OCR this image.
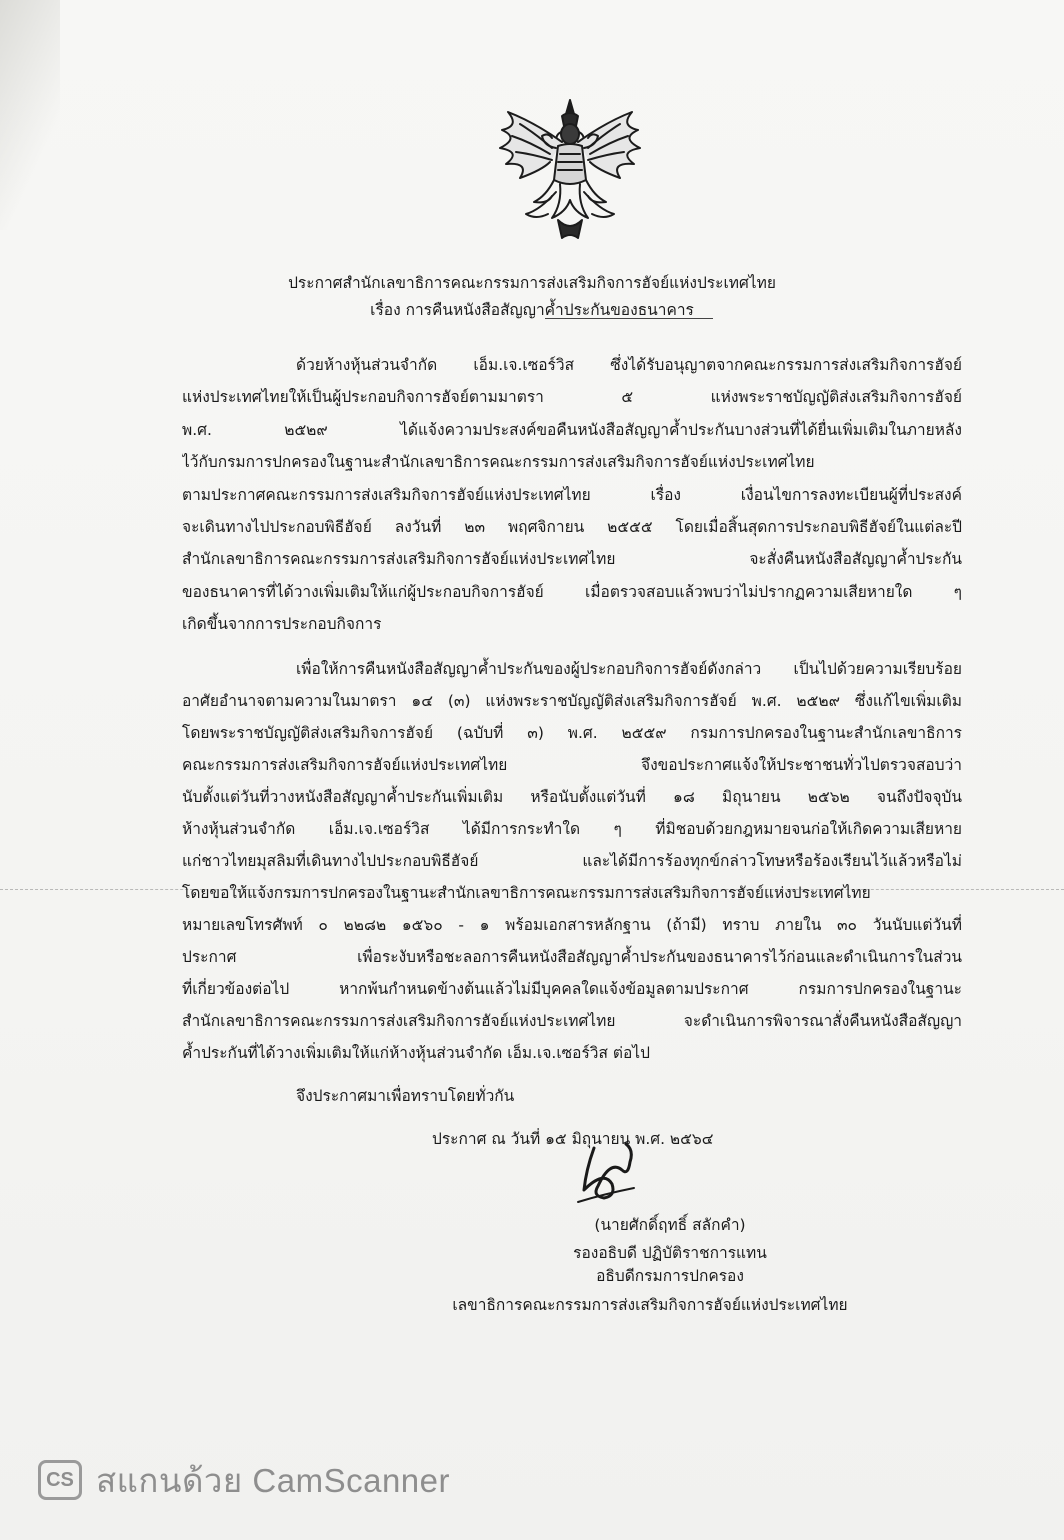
ประกาศสำนักเลขาธิการคณะกรรมการส่งเสริมกิจการฮัจย์แห่งประเทศไทย
เรื่อง การคืนหนังสือสัญญาค้ำประกันของธนาคาร
ด้วยห้างหุ้นส่วนจำกัด เอ็ม.เจ.เซอร์วิส ซึ่งได้รับอนุญาตจากคณะกรรมการส่งเสริมกิจการฮัจย์
แห่งประเทศไทยให้เป็นผู้ประกอบกิจการฮัจย์ตามมาตรา ๕ แห่งพระราชบัญญัติส่งเสริมกิจการฮัจย์
พ.ศ. ๒๕๒๙ ได้แจ้งความประสงค์ขอคืนหนังสือสัญญาค้ำประกันบางส่วนที่ได้ยื่นเพิ่มเติมในภายหลัง
ไว้กับกรมการปกครองในฐานะสำนักเลขาธิการคณะกรรมการส่งเสริมกิจการฮัจย์แห่งประเทศไทย
ตามประกาศคณะกรรมการส่งเสริมกิจการฮัจย์แห่งประเทศไทย เรื่อง เงื่อนไขการลงทะเบียนผู้ที่ประสงค์
จะเดินทางไปประกอบพิธีฮัจย์ ลงวันที่ ๒๓ พฤศจิกายน ๒๕๕๕ โดยเมื่อสิ้นสุดการประกอบพิธีฮัจย์ในแต่ละปี
สำนักเลขาธิการคณะกรรมการส่งเสริมกิจการฮัจย์แห่งประเทศไทย จะสั่งคืนหนังสือสัญญาค้ำประกัน
ของธนาคารที่ได้วางเพิ่มเติมให้แก่ผู้ประกอบกิจการฮัจย์ เมื่อตรวจสอบแล้วพบว่าไม่ปรากฏความเสียหายใด ๆ
เกิดขึ้นจากการประกอบกิจการ
เพื่อให้การคืนหนังสือสัญญาค้ำประกันของผู้ประกอบกิจการฮัจย์ดังกล่าว เป็นไปด้วยความเรียบร้อย
อาศัยอำนาจตามความในมาตรา ๑๔ (๓) แห่งพระราชบัญญัติส่งเสริมกิจการฮัจย์ พ.ศ. ๒๕๒๙ ซึ่งแก้ไขเพิ่มเติม
โดยพระราชบัญญัติส่งเสริมกิจการฮัจย์ (ฉบับที่ ๓) พ.ศ. ๒๕๕๙ กรมการปกครองในฐานะสำนักเลขาธิการ
คณะกรรมการส่งเสริมกิจการฮัจย์แห่งประเทศไทย จึงขอประกาศแจ้งให้ประชาชนทั่วไปตรวจสอบว่า
นับตั้งแต่วันที่วางหนังสือสัญญาค้ำประกันเพิ่มเติม หรือนับตั้งแต่วันที่ ๑๘ มิถุนายน ๒๕๖๒ จนถึงปัจจุบัน
ห้างหุ้นส่วนจำกัด เอ็ม.เจ.เซอร์วิส ได้มีการกระทำใด ๆ ที่มิชอบด้วยกฎหมายจนก่อให้เกิดความเสียหาย
แก่ชาวไทยมุสลิมที่เดินทางไปประกอบพิธีฮัจย์ และได้มีการร้องทุกข์กล่าวโทษหรือร้องเรียนไว้แล้วหรือไม่
โดยขอให้แจ้งกรมการปกครองในฐานะสำนักเลขาธิการคณะกรรมการส่งเสริมกิจการฮัจย์แห่งประเทศไทย
หมายเลขโทรศัพท์ ๐ ๒๒๘๒ ๑๕๖๐ - ๑ พร้อมเอกสารหลักฐาน (ถ้ามี) ทราบ ภายใน ๓๐ วันนับแต่วันที่
ประกาศ เพื่อระงับหรือชะลอการคืนหนังสือสัญญาค้ำประกันของธนาคารไว้ก่อนและดำเนินการในส่วน
ที่เกี่ยวข้องต่อไป หากพ้นกำหนดข้างต้นแล้วไม่มีบุคคลใดแจ้งข้อมูลตามประกาศ กรมการปกครองในฐานะ
สำนักเลขาธิการคณะกรรมการส่งเสริมกิจการฮัจย์แห่งประเทศไทย จะดำเนินการพิจารณาสั่งคืนหนังสือสัญญา
ค้ำประกันที่ได้วางเพิ่มเติมให้แก่ห้างหุ้นส่วนจำกัด เอ็ม.เจ.เซอร์วิส ต่อไป
จึงประกาศมาเพื่อทราบโดยทั่วกัน
ประกาศ ณ วันที่ ๑๕ มิถุนายน พ.ศ. ๒๕๖๔
(นายศักดิ์ฤทธิ์ สลักคำ)
รองอธิบดี ปฏิบัติราชการแทน
อธิบดีกรมการปกครอง
เลขาธิการคณะกรรมการส่งเสริมกิจการฮัจย์แห่งประเทศไทย
CS สแกนด้วย CamScanner
